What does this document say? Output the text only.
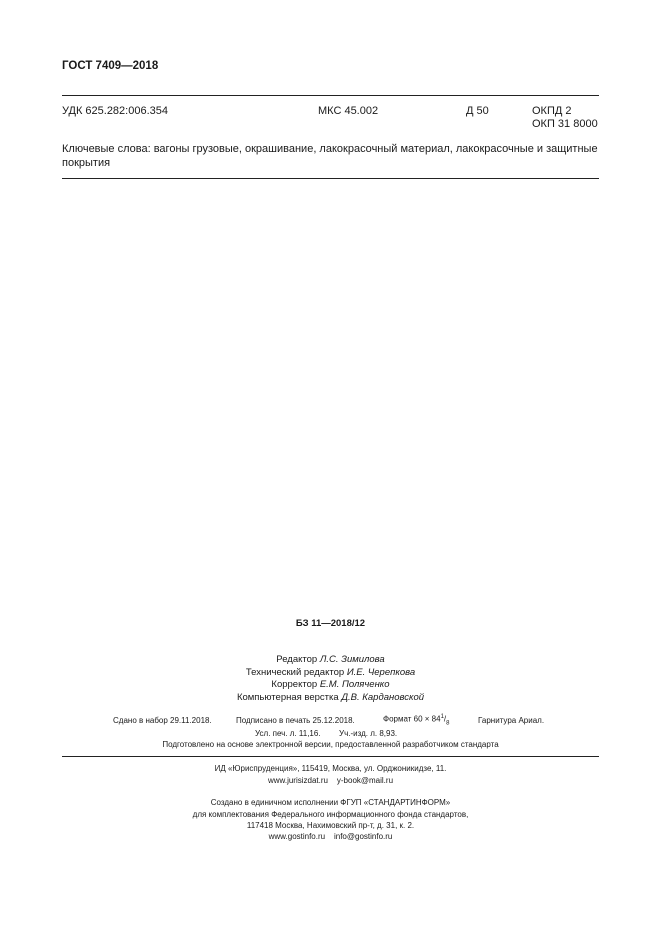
ГОСТ 7409—2018
УДК 625.282:006.354	МКС 45.002	Д 50	ОКПД 2
ОКП 31 8000
Ключевые слова: вагоны грузовые, окрашивание, лакокрасочный материал, лакокрасочные и защитные покрытия
БЗ 11—2018/12
Редактор Л.С. Зимилова
Технический редактор И.Е. Черепкова
Корректор Е.М. Поляченко
Компьютерная верстка Д.В. Кардановской
Сдано в набор 29.11.2018.	Подписано в печать 25.12.2018.	Формат $60 \times 84^1/_8$	Гарнитура Ариал.
Усл. печ. л. 11,16. Уч.-изд. л. 8,93.
Подготовлено на основе электронной версии, предоставленной разработчиком стандарта
ИД «Юриспруденция», 115419, Москва, ул. Орджоникидзе, 11.
www.jurisizdat.ru y-book@mail.ru
Создано в единичном исполнении ФГУП «СТАНДАРТИНФОРМ»
для комплектования Федерального информационного фонда стандартов,
117418 Москва, Нахимовский пр-т, д. 31, к. 2.
www.gostinfo.ru info@gostinfo.ru
